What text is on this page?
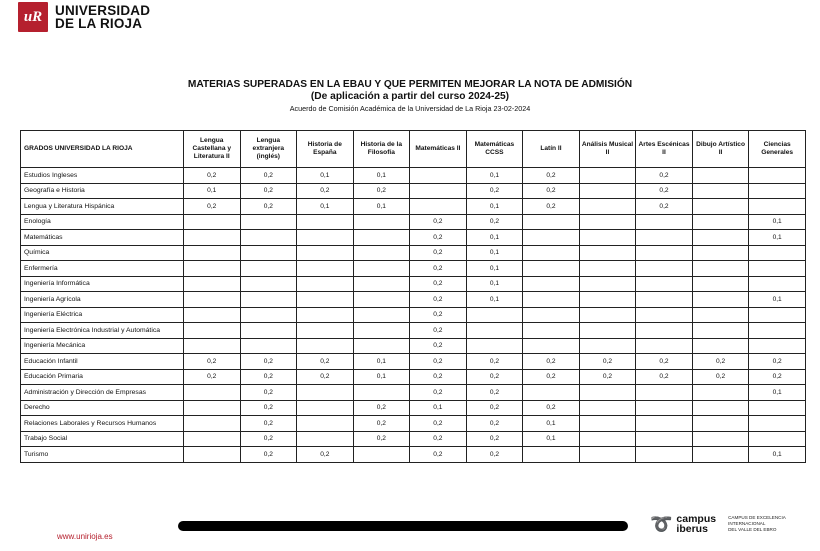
uR UNIVERSIDAD
DE LA RIOJA
MATERIAS SUPERADAS EN LA EBAU Y QUE PERMITEN MEJORAR LA NOTA DE ADMISIÓN
(De aplicación a partir del curso 2024-25)
Acuerdo de Comisión Académica de la Universidad de La Rioja 23-02-2024
GRADOS UNIVERSIDAD LA RIOJA	Lengua Castellana y Literatura II	Lengua extranjera (inglés)	Historia de España	Historia de la Filosofía	Matemáticas II	Matemáticas CCSS	Latín II	Análisis Musical II	Artes Escénicas II	Dibujo Artístico II	Ciencias Generales
Estudios Ingleses	0,2	0,2	0,1	0,1		0,1	0,2		0,2		
Geografía e Historia	0,1	0,2	0,2	0,2		0,2	0,2		0,2		
Lengua y Literatura Hispánica	0,2	0,2	0,1	0,1		0,1	0,2		0,2		
Enología					0,2	0,2					0,1
Matemáticas					0,2	0,1					0,1
Química					0,2	0,1					
Enfermería					0,2	0,1					
Ingeniería Informática					0,2	0,1					
Ingeniería Agrícola					0,2	0,1					0,1
Ingeniería Eléctrica					0,2						
Ingeniería Electrónica Industrial y Automática					0,2						
Ingeniería Mecánica					0,2						
Educación Infantil	0,2	0,2	0,2	0,1	0,2	0,2	0,2	0,2	0,2	0,2	0,2
Educación Primaria	0,2	0,2	0,2	0,1	0,2	0,2	0,2	0,2	0,2	0,2	0,2
Administración y Dirección de Empresas		0,2			0,2	0,2					0,1
Derecho		0,2		0,2	0,1	0,2	0,2				
Relaciones Laborales y Recursos Humanos		0,2		0,2	0,2	0,2	0,1				
Trabajo Social		0,2		0,2	0,2	0,2	0,1				
Turismo		0,2	0,2		0,2	0,2					0,1
www.unirioja.es
➰ campus
iberus
CAMPUS DE EXCELENCIA
INTERNACIONAL
DEL VALLE DEL EBRO
